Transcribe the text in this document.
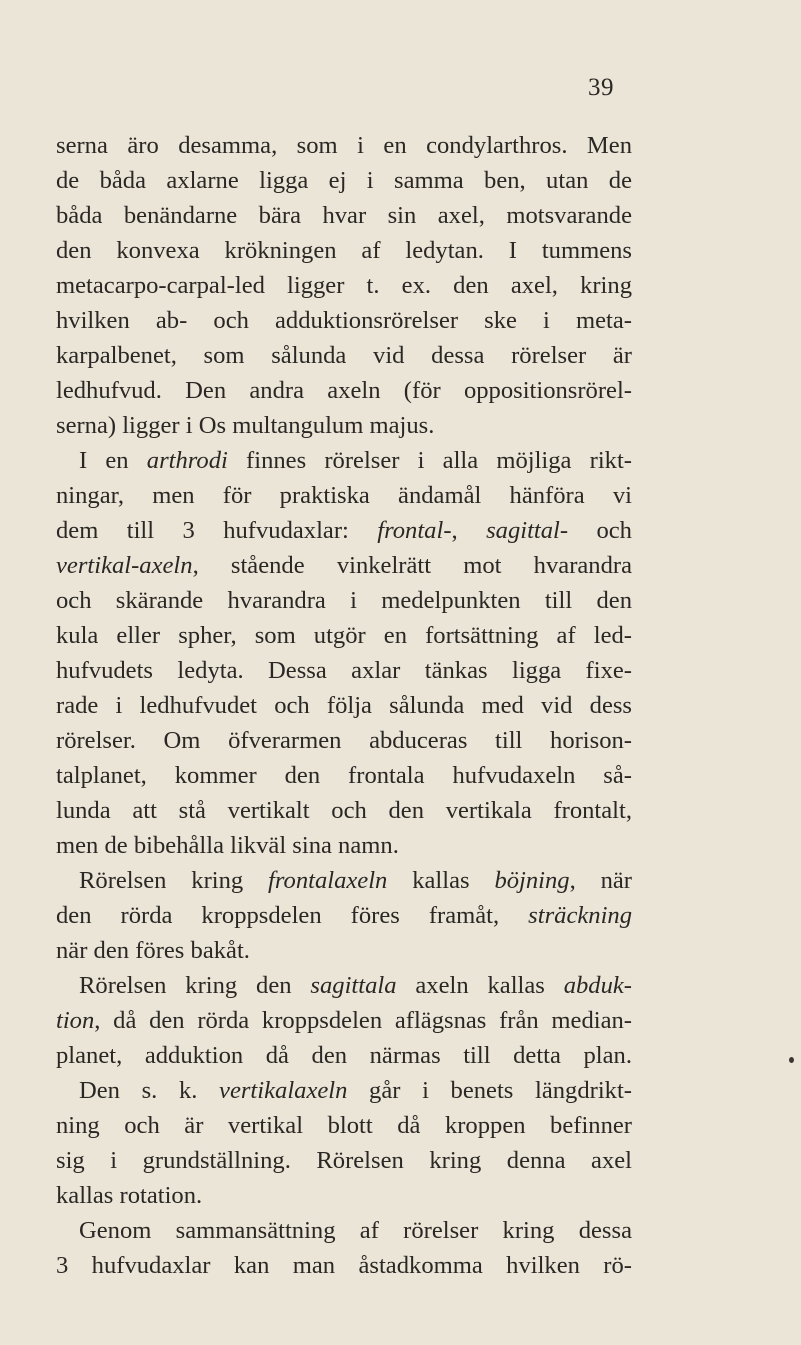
39
serna äro desamma, som i en condylarthros. Men
de båda axlarne ligga ej i samma ben, utan de
båda benändarne bära hvar sin axel, motsvarande
den konvexa krökningen af ledytan. I tummens
metacarpo-carpal-led ligger t. ex. den axel, kring
hvilken ab- och adduktionsrörelser ske i meta-
karpalbenet, som sålunda vid dessa rörelser är
ledhufvud. Den andra axeln (för oppositionsrörel-
serna) ligger i Os multangulum majus.
I en arthrodi finnes rörelser i alla möjliga rikt-
ningar, men för praktiska ändamål hänföra vi
dem till 3 hufvudaxlar: frontal-, sagittal- och
vertikal-axeln, stående vinkelrätt mot hvarandra
och skärande hvarandra i medelpunkten till den
kula eller spher, som utgör en fortsättning af led-
hufvudets ledyta. Dessa axlar tänkas ligga fixe-
rade i ledhufvudet och följa sålunda med vid dess
rörelser. Om öfverarmen abduceras till horison-
talplanet, kommer den frontala hufvudaxeln så-
lunda att stå vertikalt och den vertikala frontalt,
men de bibehålla likväl sina namn.
Rörelsen kring frontalaxeln kallas böjning, när
den rörda kroppsdelen föres framåt, sträckning
när den föres bakåt.
Rörelsen kring den sagittala axeln kallas abduk-
tion, då den rörda kroppsdelen aflägsnas från median-
planet, adduktion då den närmas till detta plan.
Den s. k. vertikalaxeln går i benets längdrikt-
ning och är vertikal blott då kroppen befinner
sig i grundställning. Rörelsen kring denna axel
kallas rotation.
Genom sammansättning af rörelser kring dessa
3 hufvudaxlar kan man åstadkomma hvilken rö-
